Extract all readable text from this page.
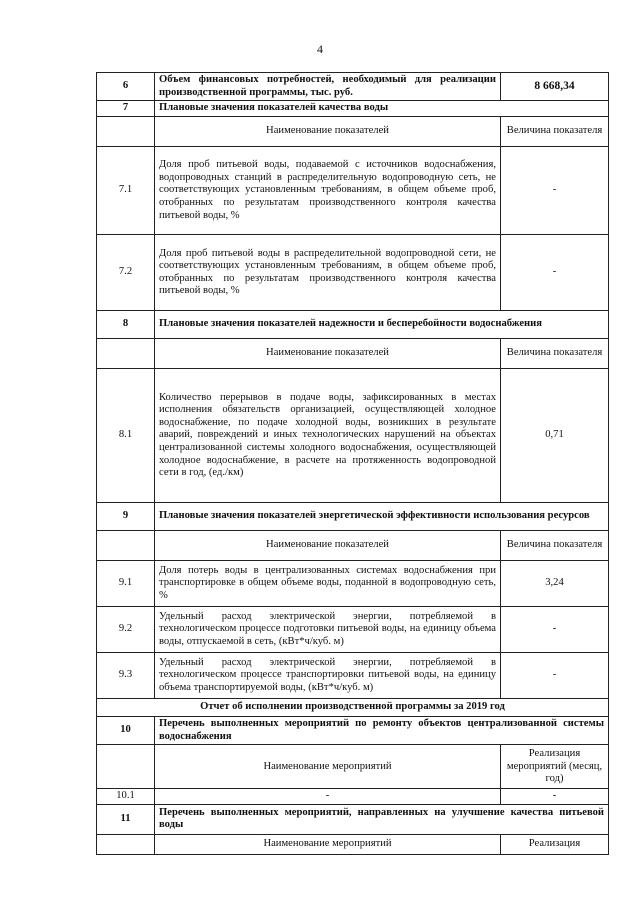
4
6	Объем финансовых потребностей, необходимый для реализации производственной программы, тыс. руб.	8 668,34
7	Плановые значения показателей качества воды	
	Наименование показателей	Величина показателя
7.1	Доля проб питьевой воды, подаваемой с источников водоснабжения, водопроводных станций в распределительную водопроводную сеть, не соответствующих установленным требованиям, в общем объеме проб, отобранных по результатам производственного контроля качества питьевой воды, %	-
7.2	Доля проб питьевой воды в распределительной водопроводной сети, не соответствующих установленным требованиям, в общем объеме проб, отобранных по результатам производственного контроля качества питьевой воды, %	-
8	Плановые значения показателей надежности и бесперебойности водоснабжения	
	Наименование показателей	Величина показателя
8.1	Количество перерывов в подаче воды, зафиксированных в местах исполнения обязательств организацией, осуществляющей холодное водоснабжение, по подаче холодной воды, возникших в результате аварий, повреждений и иных технологических нарушений на объектах централизованной системы холодного водоснабжения, осуществляющей холодное водоснабжение, в расчете на протяженность водопроводной сети в год, (ед./км)	0,71
9	Плановые значения показателей энергетической эффективности использования ресурсов	
	Наименование показателей	Величина показателя
9.1	Доля потерь воды в централизованных системах водоснабжения при транспортировке в общем объеме воды, поданной в водопроводную сеть, %	3,24
9.2	Удельный расход электрической энергии, потребляемой в технологическом процессе подготовки питьевой воды, на единицу объема воды, отпускаемой в сеть, (кВт*ч/куб. м)	-
9.3	Удельный расход электрической энергии, потребляемой в технологическом процессе транспортировки питьевой воды, на единицу объема транспортируемой воды, (кВт*ч/куб. м)	-
Отчет об исполнении производственной программы за 2019 год		
10	Перечень выполненных мероприятий по ремонту объектов централизованной системы водоснабжения	
	Наименование мероприятий	Реализация мероприятий (месяц, год)
10.1	-	-
11	Перечень выполненных мероприятий, направленных на улучшение качества питьевой воды	
	Наименование мероприятий	Реализация
